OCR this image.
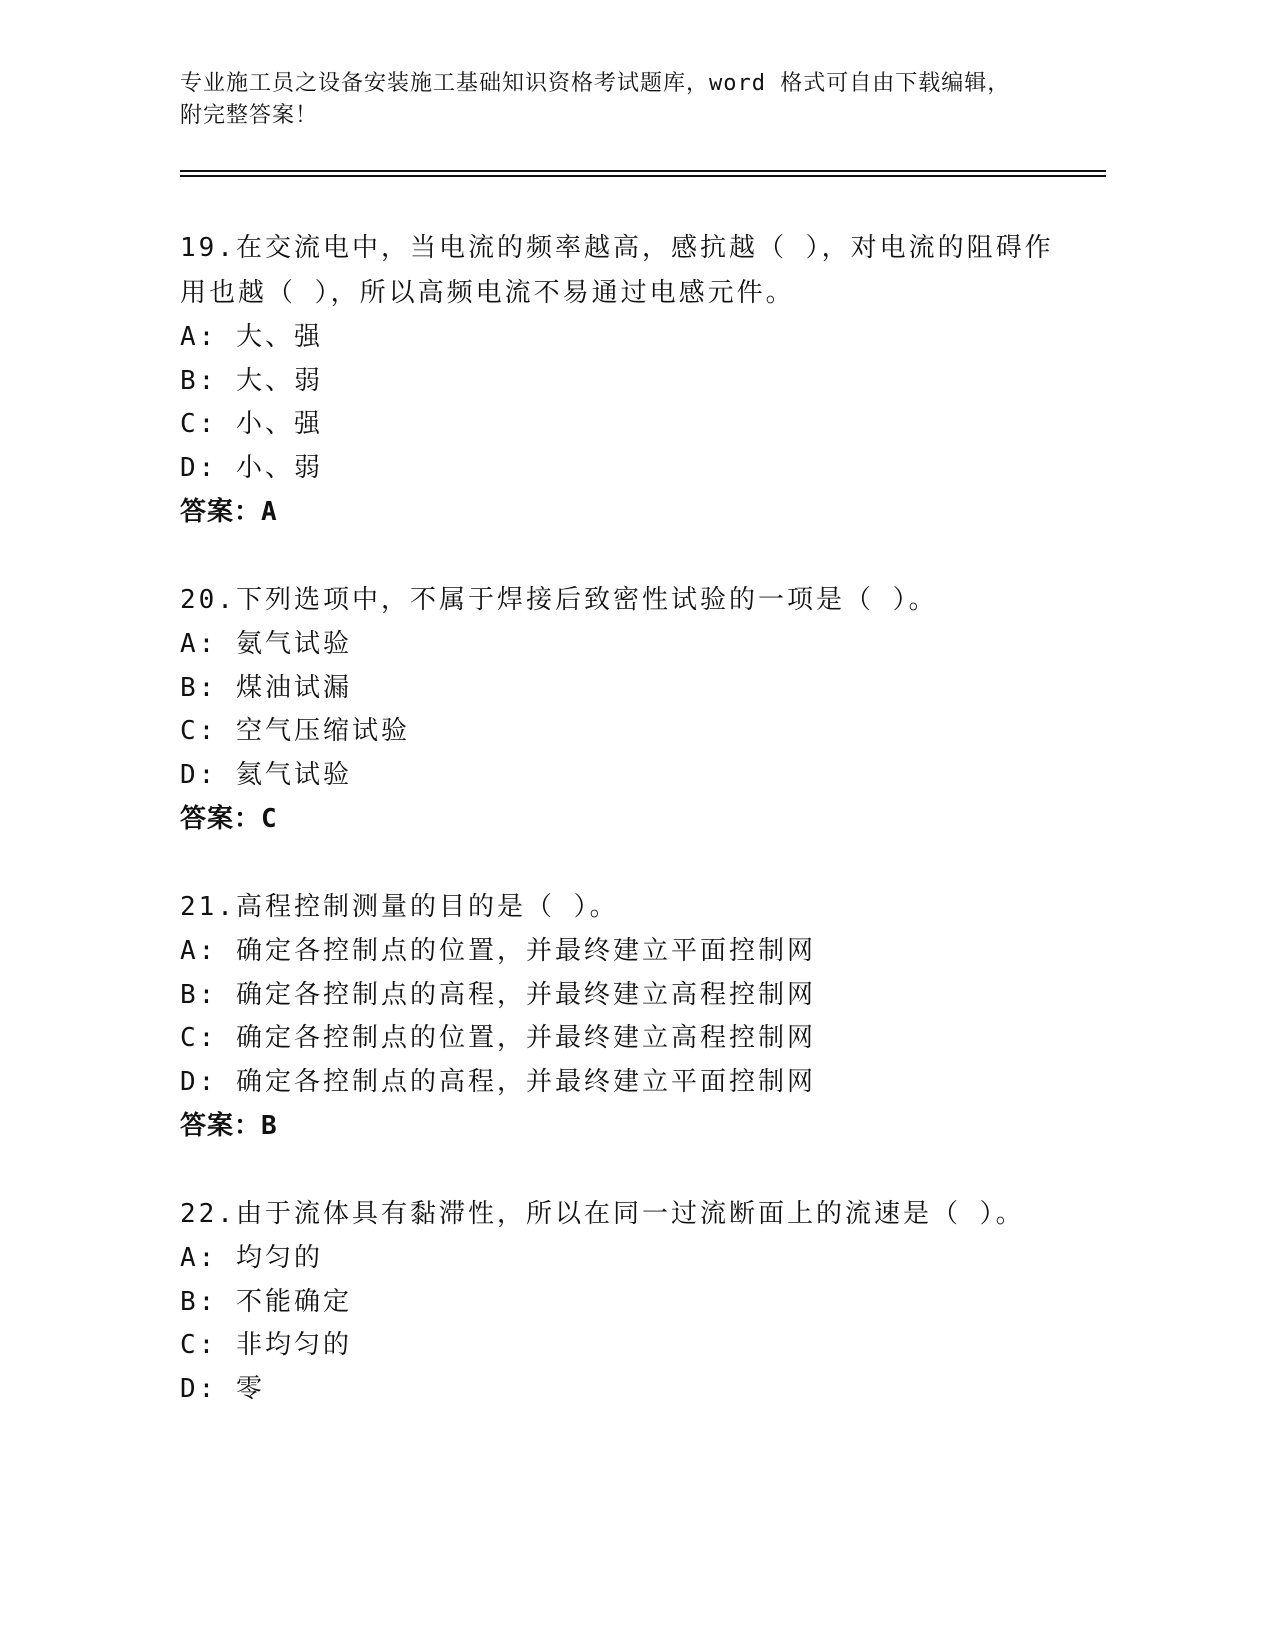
专业施工员之设备安装施工基础知识资格考试题库，word 格式可自由下载编辑，
附完整答案！

19.在交流电中，当电流的频率越高，感抗越（ ），对电流的阻碍作
用也越（ ），所以高频电流不易通过电感元件。

A: 大、强
B: 大、弱
C: 小、强
D: 小、弱
答案：A

20.下列选项中，不属于焊接后致密性试验的一项是（ ）。

A: 氨气试验
B: 煤油试漏
C: 空气压缩试验
D: 氦气试验
答案：C

21.高程控制测量的目的是（ ）。

A: 确定各控制点的位置，并最终建立平面控制网
B: 确定各控制点的高程，并最终建立高程控制网
C: 确定各控制点的位置，并最终建立高程控制网
D: 确定各控制点的高程，并最终建立平面控制网
答案：B

22.由于流体具有黏滞性，所以在同一过流断面上的流速是（ ）。

A: 均匀的
B: 不能确定
C: 非均匀的
D: 零
